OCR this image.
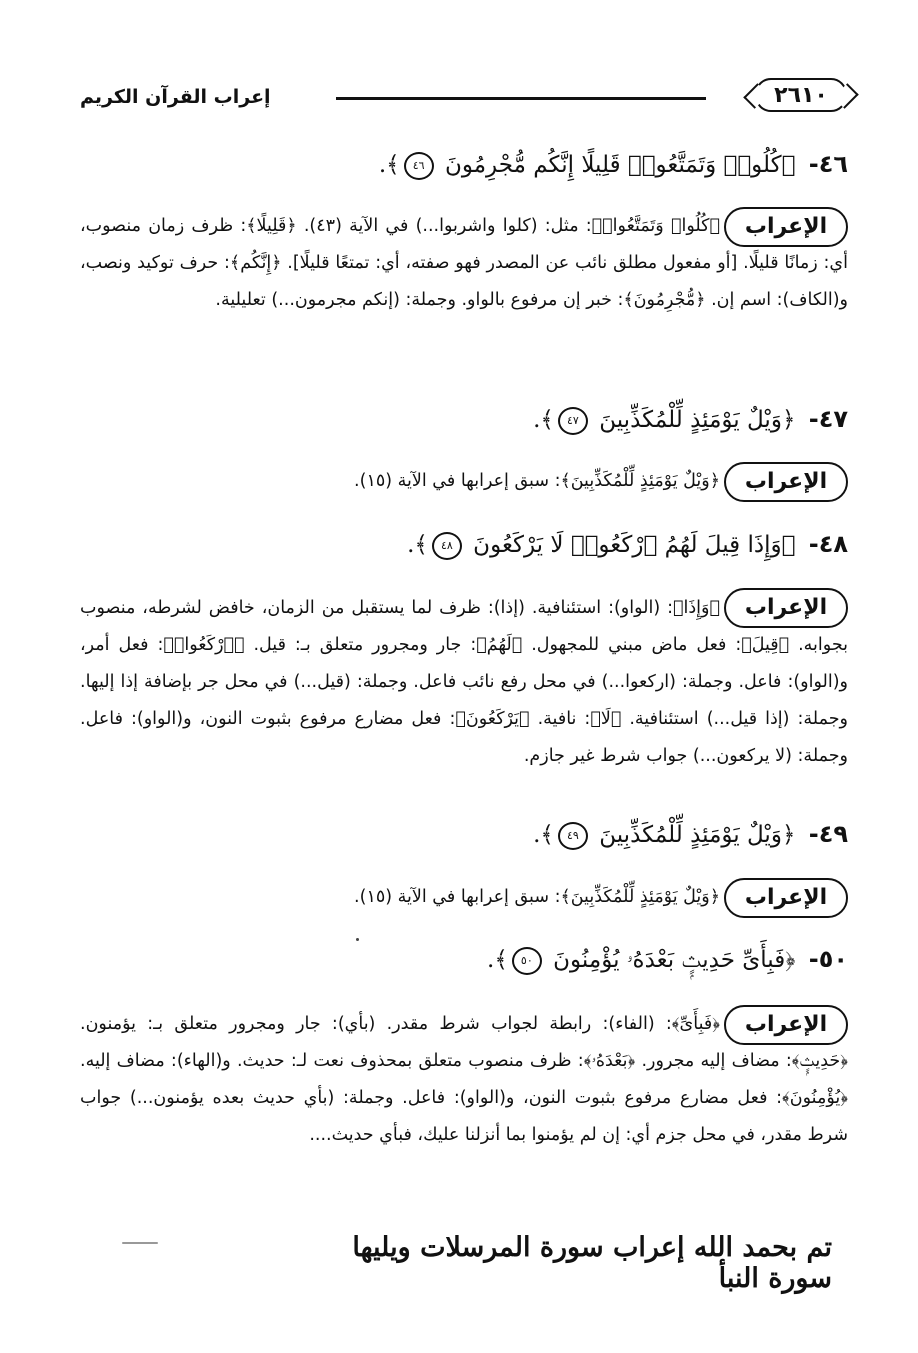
٢٦١٠
إعراب القرآن الكريم
٤٦- ﴿كُلُوا۟ وَتَمَتَّعُوا۟ قَلِيلًا إِنَّكُم مُّجْرِمُونَ ٤٦﴾.
الإعراب
﴿كُلُوا۟ وَتَمَتَّعُوا۟﴾: مثل: (كلوا واشربوا...) في الآية (٤٣). ﴿قَلِيلًا﴾: ظرف زمان منصوب، أي: زمانًا قليلًا. [أو مفعول مطلق نائب عن المصدر فهو صفته، أي: تمتعًا قليلًا]. ﴿إِنَّكُم﴾: حرف توكيد ونصب، و(الكاف): اسم إن. ﴿مُّجْرِمُونَ﴾: خبر إن مرفوع بالواو. وجملة: (إنكم مجرمون...) تعليلية.
٤٧- ﴿وَيْلٌ يَوْمَئِذٍ لِّلْمُكَذِّبِينَ ٤٧﴾.
الإعراب
﴿وَيْلٌ يَوْمَئِذٍ لِّلْمُكَذِّبِينَ﴾: سبق إعرابها في الآية (١٥).
٤٨- ﴿وَإِذَا قِيلَ لَهُمُ ٱرْكَعُوا۟ لَا يَرْكَعُونَ ٤٨﴾.
الإعراب
﴿وَإِذَا﴾: (الواو): استئنافية. (إذا): ظرف لما يستقبل من الزمان، خافض لشرطه، منصوب بجوابه. ﴿قِيلَ﴾: فعل ماض مبني للمجهول. ﴿لَهُمُ﴾: جار ومجرور متعلق بـ: قيل. ﴿ٱرْكَعُوا۟﴾: فعل أمر، و(الواو): فاعل. وجملة: (اركعوا...) في محل رفع نائب فاعل. وجملة: (قيل...) في محل جر بإضافة إذا إليها. وجملة: (إذا قيل...) استئنافية. ﴿لَا﴾: نافية. ﴿يَرْكَعُونَ﴾: فعل مضارع مرفوع بثبوت النون، و(الواو): فاعل. وجملة: (لا يركعون...) جواب شرط غير جازم.
٤٩- ﴿وَيْلٌ يَوْمَئِذٍ لِّلْمُكَذِّبِينَ ٤٩﴾.
الإعراب
﴿وَيْلٌ يَوْمَئِذٍ لِّلْمُكَذِّبِينَ﴾: سبق إعرابها في الآية (١٥).
٥٠- ﴿فَبِأَىِّ حَدِيثٍۭ بَعْدَهُۥ يُؤْمِنُونَ ٥٠﴾.
الإعراب
﴿فَبِأَىِّ﴾: (الفاء): رابطة لجواب شرط مقدر. (بأي): جار ومجرور متعلق بـ: يؤمنون. ﴿حَدِيثٍۭ﴾: مضاف إليه مجرور. ﴿بَعْدَهُۥ﴾: ظرف منصوب متعلق بمحذوف نعت لـ: حديث. و(الهاء): مضاف إليه. ﴿يُؤْمِنُونَ﴾: فعل مضارع مرفوع بثبوت النون، و(الواو): فاعل. وجملة: (بأي حديث بعده يؤمنون...) جواب شرط مقدر، في محل جزم أي: إن لم يؤمنوا بما أنزلنا عليك، فبأي حديث....
تم بحمد الله إعراب سورة المرسلات ويليها سورة النبأ
